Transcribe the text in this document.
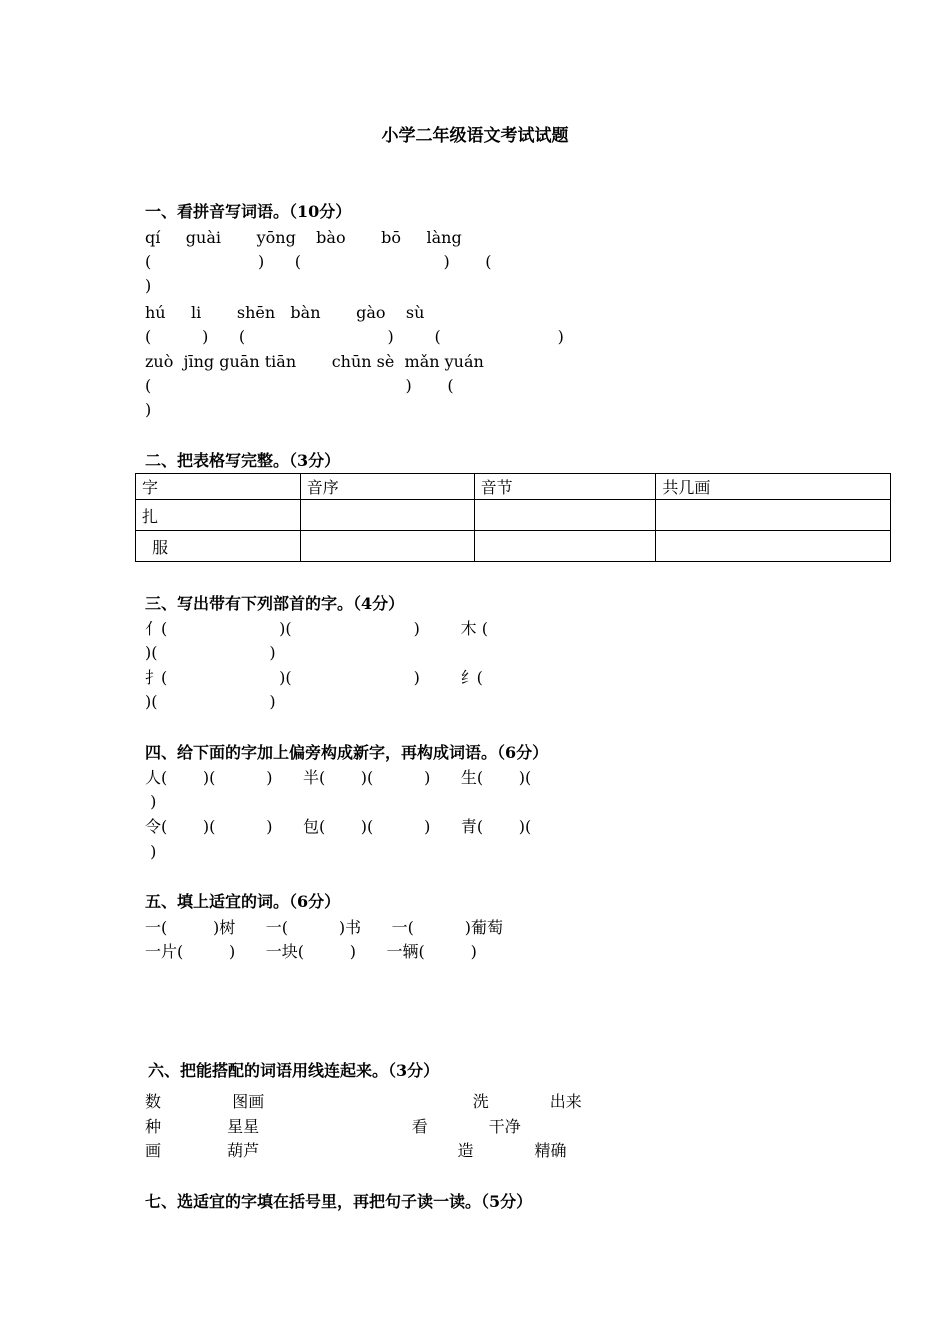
小学二年级语文考试试题
一、看拼音写词语。（10分）
qí     guài       yōng    bào       bō     làng
(                     )      (                            )       (
)
hú     li       shēn   bàn       gào    sù
(          )      (                            )        (                       )
zuò  jīng guān tiān       chūn sè  mǎn yuán
(                                                  )       (
)
二、把表格写完整。（3分）
字	音序	音节	共几画
扎			
服			
三、写出带有下列部首的字。（4分）
亻(                      )(                        )        木 (
)(                      )
扌(                      )(                        )        纟(
)(                      )
四、给下面的字加上偏旁构成新字，再构成词语。（6分）
人(       )(          )      半(       )(          )      生(       )(
)
令(       )(          )      包(       )(          )      青(       )(
)
五、填上适宜的词。（6分）
一(         )树      一(          )书      一(          )葡萄
一片(         )      一块(         )      一辆(         )
六、把能搭配的词语用线连起来。（3分）
数              图画                                         洗            出来
种             星星                              看            干净
画             葫芦                                       造            精确
七、选适宜的字填在括号里，再把句子读一读。（5分）
